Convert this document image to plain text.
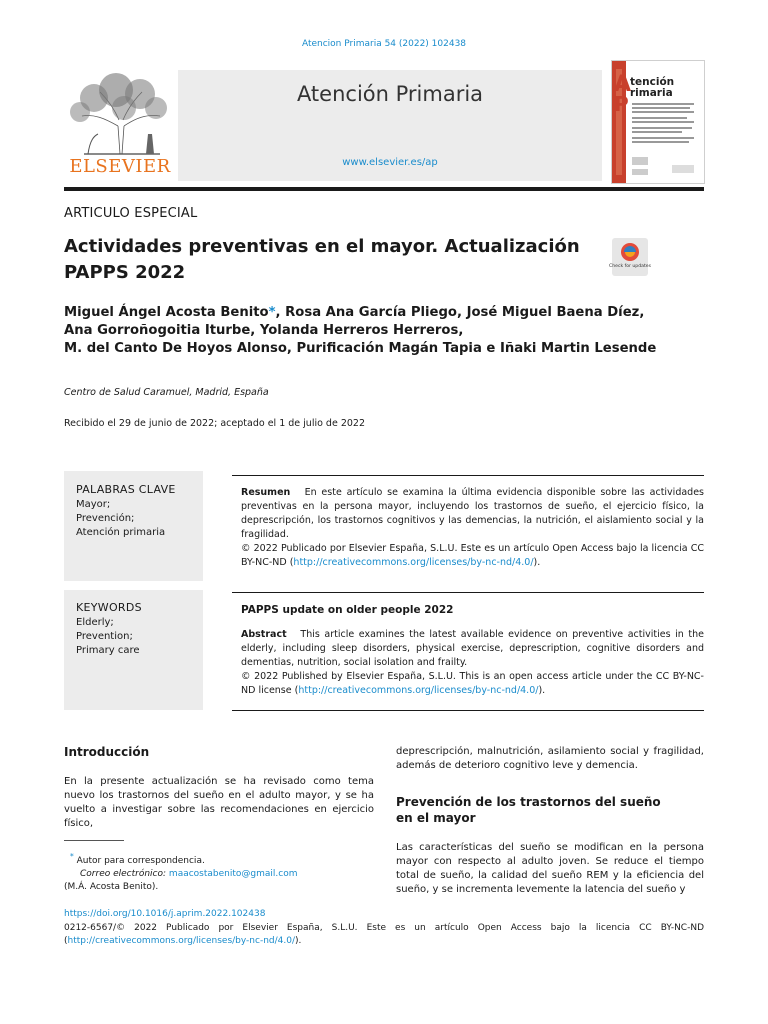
Atencion Primaria 54 (2022) 102438
ELSEVIER
Atención Primaria
www.elsevier.es/ap
A
P
tención
rimaria
ARTICULO ESPECIAL
Actividades preventivas en el mayor. Actualización PAPPS 2022	Check for updates
Miguel Ángel Acosta Benito*, Rosa Ana García Pliego, José Miguel Baena Díez,
Ana Gorroñogoitia Iturbe, Yolanda Herreros Herreros,
M. del Canto De Hoyos Alonso, Purificación Magán Tapia e Iñaki Martin Lesende
Centro de Salud Caramuel, Madrid, España
Recibido el 29 de junio de 2022; aceptado el 1 de julio de 2022
PALABRAS CLAVE
Mayor;
Prevención;
Atención primaria
KEYWORDS
Elderly;
Prevention;
Primary care
Resumen En este artículo se examina la última evidencia disponible sobre las actividades preventivas en la persona mayor, incluyendo los trastornos de sueño, el ejercicio físico, la deprescripción, los trastornos cognitivos y las demencias, la nutrición, el aislamiento social y la fragilidad.
© 2022 Publicado por Elsevier España, S.L.U. Este es un artículo Open Access bajo la licencia CC BY-NC-ND (http://creativecommons.org/licenses/by-nc-nd/4.0/).
PAPPS update on older people 2022
Abstract This article examines the latest available evidence on preventive activities in the elderly, including sleep disorders, physical exercise, deprescription, cognitive disorders and dementias, nutrition, social isolation and frailty.
© 2022 Published by Elsevier España, S.L.U. This is an open access article under the CC BY-NC-ND license (http://creativecommons.org/licenses/by-nc-nd/4.0/).
Introducción
En la presente actualización se ha revisado como tema nuevo los trastornos del sueño en el adulto mayor, y se ha vuelto a investigar sobre las recomendaciones en ejercicio físico,
deprescripción, malnutrición, asilamiento social y fragilidad, además de deterioro cognitivo leve y demencia.
Prevención de los trastornos del sueño en el mayor
Las características del sueño se modifican en la persona mayor con respecto al adulto joven. Se reduce el tiempo total de sueño, la calidad del sueño REM y la eficiencia del sueño, y se incrementa levemente la latencia del sueño y
* Autor para correspondencia.
Correo electrónico: maacostabenito@gmail.com
(M.Á. Acosta Benito).
https://doi.org/10.1016/j.aprim.2022.102438
0212-6567/© 2022 Publicado por Elsevier España, S.L.U. Este es un artículo Open Access bajo la licencia CC BY-NC-ND (http://creativecommons.org/licenses/by-nc-nd/4.0/).
